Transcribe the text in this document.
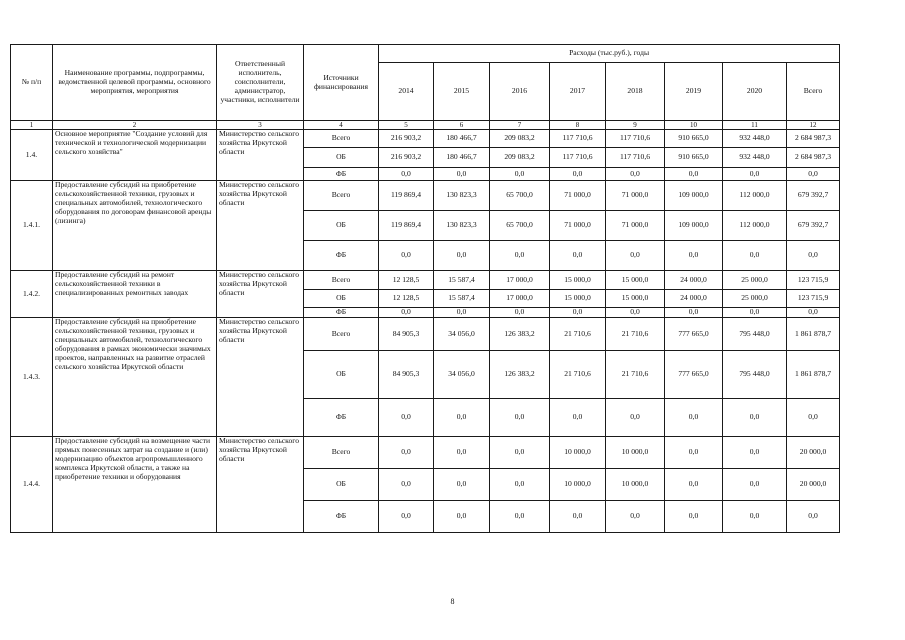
№ п/п	Наименование программы, подпрограммы, ведомственной целевой программы, основного мероприятия, мероприятия	Ответственный исполнитель, соисполнители, администратор, участники, исполнители	Источники финансирования	Расходы (тыс.руб.), годы							
				2014	2015	2016	2017	2018	2019	2020	Всего
1	2	3	4	5	6	7	8	9	10	11	12
1.4.	Основное мероприятие "Создание условий для технической и технологической модернизации сельского хозяйства"	Министерство сельского хозяйства Иркутской области	Всего	216 903,2	180 466,7	209 083,2	117 710,6	117 710,6	910 665,0	932 448,0	2 684 987,3
			ОБ	216 903,2	180 466,7	209 083,2	117 710,6	117 710,6	910 665,0	932 448,0	2 684 987,3
			ФБ	0,0	0,0	0,0	0,0	0,0	0,0	0,0	0,0
1.4.1.	Предоставление субсидий на приобретение сельскохозяйственной техники, грузовых и специальных автомобилей, технологического оборудования по договорам финансовой аренды (лизинга)	Министерство сельского хозяйства Иркутской области	Всего	119 869,4	130 823,3	65 700,0	71 000,0	71 000,0	109 000,0	112 000,0	679 392,7
			ОБ	119 869,4	130 823,3	65 700,0	71 000,0	71 000,0	109 000,0	112 000,0	679 392,7
			ФБ	0,0	0,0	0,0	0,0	0,0	0,0	0,0	0,0
1.4.2.	Предоставление субсидий на ремонт сельскохозяйственной техники в специализированных ремонтных заводах	Министерство сельского хозяйства Иркутской области	Всего	12 128,5	15 587,4	17 000,0	15 000,0	15 000,0	24 000,0	25 000,0	123 715,9
			ОБ	12 128,5	15 587,4	17 000,0	15 000,0	15 000,0	24 000,0	25 000,0	123 715,9
			ФБ	0,0	0,0	0,0	0,0	0,0	0,0	0,0	0,0
1.4.3.	Предоставление субсидий на приобретение сельскохозяйственной техники, грузовых и специальных автомобилей, технологического оборудования в рамках экономически значимых проектов, направленных на развитие отраслей сельского хозяйства Иркутской области	Министерство сельского хозяйства Иркутской области	Всего	84 905,3	34 056,0	126 383,2	21 710,6	21 710,6	777 665,0	795 448,0	1 861 878,7
			ОБ	84 905,3	34 056,0	126 383,2	21 710,6	21 710,6	777 665,0	795 448,0	1 861 878,7
			ФБ	0,0	0,0	0,0	0,0	0,0	0,0	0,0	0,0
1.4.4.	Предоставление субсидий на возмещение части прямых понесенных затрат на создание и (или) модернизацию объектов агропромышленного комплекса Иркутской области, а также на приобретение техники и оборудования	Министерство сельского хозяйства Иркутской области	Всего	0,0	0,0	0,0	10 000,0	10 000,0	0,0	0,0	20 000,0
			ОБ	0,0	0,0	0,0	10 000,0	10 000,0	0,0	0,0	20 000,0
			ФБ	0,0	0,0	0,0	0,0	0,0	0,0	0,0	0,0
8
